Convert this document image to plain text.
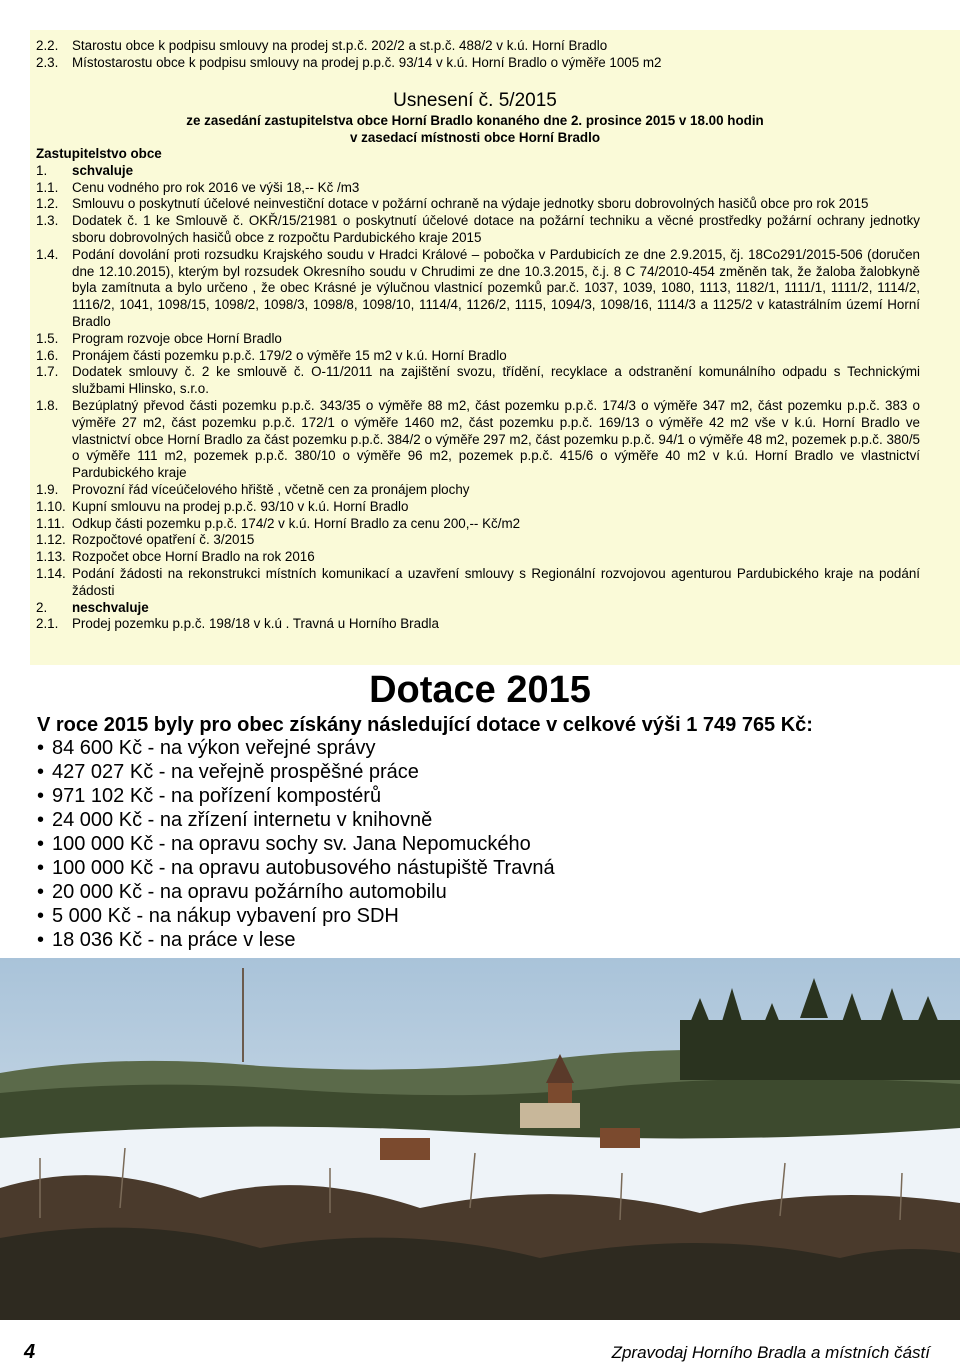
2.2.	Starostu obce k podpisu smlouvy na prodej st.p.č. 202/2 a st.p.č. 488/2 v k.ú. Horní Bradlo
2.3.	Místostarostu obce k podpisu smlouvy na prodej p.p.č. 93/14 v k.ú. Horní Bradlo o výměře 1005 m2
Usnesení č. 5/2015
ze zasedání zastupitelstva obce Horní Bradlo konaného dne 2. prosince 2015 v 18.00 hodin
v zasedací místnosti obce Horní Bradlo
Zastupitelstvo obce
1.	schvaluje
1.1.	Cenu vodného pro rok 2016 ve výši 18,-- Kč /m3
1.2.	Smlouvu o poskytnutí účelové neinvestiční dotace v požární ochraně na výdaje jednotky sboru dobrovolných hasičů obce pro rok 2015
1.3.	Dodatek č. 1 ke Smlouvě č. OKŘ/15/21981 o poskytnutí účelové dotace na požární techniku a věcné prostředky požární ochrany jednotky sboru dobrovolných hasičů obce z rozpočtu Pardubického kraje 2015
1.4.	Podání dovolání proti rozsudku Krajského soudu v Hradci Králové – pobočka v Pardubicích ze dne 2.9.2015, čj. 18Co291/2015-506 (doručen dne 12.10.2015), kterým byl rozsudek Okresního soudu v Chrudimi ze dne 10.3.2015, č.j. 8 C 74/2010-454 změněn tak, že žaloba žalobkyně byla zamítnuta a bylo určeno , že obec Krásné je výlučnou vlastnicí pozemků par.č. 1037, 1039, 1080, 1113, 1182/1, 1111/1, 1111/2, 1114/2, 1116/2, 1041, 1098/15, 1098/2, 1098/3, 1098/8, 1098/10, 1114/4, 1126/2, 1115, 1094/3, 1098/16, 1114/3 a 1125/2 v katastrálním území Horní Bradlo
1.5.	Program rozvoje obce Horní Bradlo
1.6.	Pronájem části pozemku p.p.č. 179/2 o výměře 15 m2 v k.ú. Horní Bradlo
1.7.	Dodatek smlouvy č. 2 ke smlouvě č. O-11/2011 na zajištění svozu, třídění, recyklace a odstranění komunálního odpadu s Technickými službami Hlinsko, s.r.o.
1.8.	Bezúplatný převod části pozemku p.p.č. 343/35 o výměře 88 m2, část pozemku p.p.č. 174/3 o výměře 347 m2, část pozemku p.p.č. 383 o výměře 27 m2, část pozemku p.p.č. 172/1 o výměře 1460 m2, část pozemku p.p.č. 169/13 o výměře 42 m2 vše v k.ú. Horní Bradlo ve vlastnictví obce Horní Bradlo za část pozemku p.p.č. 384/2 o výměře 297 m2, část pozemku p.p.č. 94/1 o výměře 48 m2, pozemek p.p.č. 380/5 o výměře 111 m2, pozemek p.p.č. 380/10 o výměře 96 m2, pozemek p.p.č. 415/6 o výměře 40 m2 v k.ú. Horní Bradlo ve vlastnictví Pardubického kraje
1.9.	Provozní řád víceúčelového hřiště , včetně cen za pronájem plochy
1.10. Kupní smlouvu na prodej p.p.č. 93/10 v k.ú. Horní Bradlo
1.11. Odkup části pozemku p.p.č. 174/2 v k.ú. Horní Bradlo za cenu 200,-- Kč/m2
1.12. Rozpočtové opatření č. 3/2015
1.13. Rozpočet obce Horní Bradlo na rok 2016
1.14. Podání žádosti na rekonstrukci místních komunikací a uzavření smlouvy s Regionální rozvojovou agenturou Pardubického kraje na podání žádosti
2.	neschvaluje
2.1.	Prodej pozemku p.p.č. 198/18 v k.ú . Travná u Horního Bradla
Dotace 2015
V roce 2015 byly pro obec získány následující dotace v celkové výši 1 749 765 Kč:
• 84 600 Kč - na výkon veřejné správy
• 427 027 Kč - na veřejně prospěšné práce
• 971 102 Kč - na pořízení kompostérů
• 24 000 Kč - na zřízení internetu v knihovně
• 100 000 Kč - na opravu sochy sv. Jana Nepomuckého
• 100 000 Kč - na opravu autobusového nástupiště Travná
• 20 000 Kč - na opravu požárního automobilu
• 5 000 Kč - na nákup vybavení pro SDH
• 18 036 Kč - na práce v lese
4	Zpravodaj Horního Bradla a místních částí
